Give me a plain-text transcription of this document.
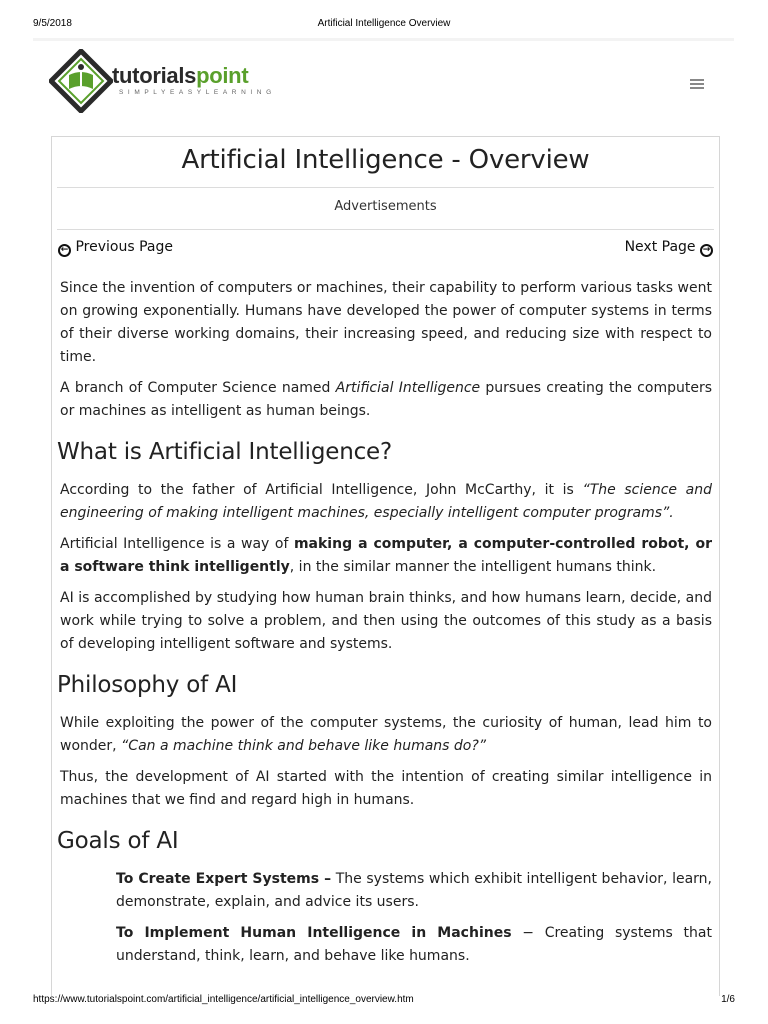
9/5/2018	Artificial Intelligence Overview
tutorialspoint
SIMPLYEASYLEARNING
Artificial Intelligence - Overview
Advertisements
← Previous Page	Next Page →

Since the invention of computers or machines, their capability to perform various tasks went on growing exponentially. Humans have developed the power of computer systems in terms of their diverse working domains, their increasing speed, and reducing size with respect to time.

A branch of Computer Science named Artificial Intelligence pursues creating the computers or machines as intelligent as human beings.

What is Artificial Intelligence?

According to the father of Artificial Intelligence, John McCarthy, it is “The science and engineering of making intelligent machines, especially intelligent computer programs”.

Artificial Intelligence is a way of making a computer, a computer-controlled robot, or a software think intelligently, in the similar manner the intelligent humans think.

AI is accomplished by studying how human brain thinks, and how humans learn, decide, and work while trying to solve a problem, and then using the outcomes of this study as a basis of developing intelligent software and systems.

Philosophy of AI

While exploiting the power of the computer systems, the curiosity of human, lead him to wonder, “Can a machine think and behave like humans do?”

Thus, the development of AI started with the intention of creating similar intelligence in machines that we find and regard high in humans.

Goals of AI

To Create Expert Systems – The systems which exhibit intelligent behavior, learn, demonstrate, explain, and advice its users.

To Implement Human Intelligence in Machines − Creating systems that understand, think, learn, and behave like humans.

https://www.tutorialspoint.com/artificial_intelligence/artificial_intelligence_overview.htm	1/6
